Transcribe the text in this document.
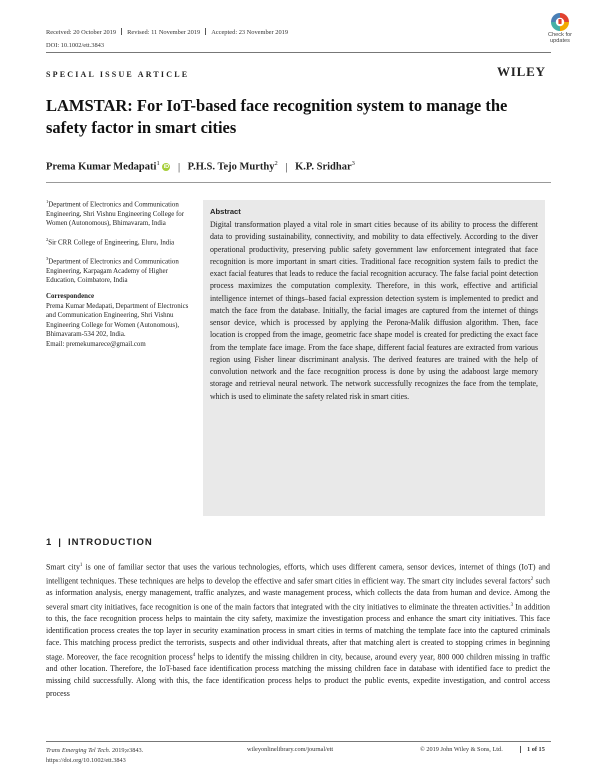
Received: 20 October 2019 Revised: 11 November 2019 Accepted: 23 November 2019
DOI: 10.1002/ett.3843
Check for
updates
SPECIAL ISSUE ARTICLE	WILEY
LAMSTAR: For IoT-based face recognition system to manage the safety factor in smart cities
Prema Kumar Medapati$^1$ iD | P.H.S. Tejo Murthy$^2$ | K.P. Sridhar$^3$
$^1$Department of Electronics and Communication Engineering, Shri Vishnu Engineering College for Women (Autonomous), Bhimavaram, India
$^2$Sir CRR College of Engineering, Eluru, India
$^3$Department of Electronics and Communication Engineering, Karpagam Academy of Higher Education, Coimbatore, India
Correspondence
Prema Kumar Medapati, Department of Electronics and Communication Engineering, Shri Vishnu Engineering College for Women (Autonomous), Bhimavaram-534 202, India.
Email: premekumarece@gmail.com
Abstract
Digital transformation played a vital role in smart cities because of its ability to process the different data to providing sustainability, connectivity, and mobility to data effectively. According to the diver operational productivity, preserving public safety government law enforcement integrated that face recognition is more important in smart cities. Traditional face recognition system fails to predict the exact facial features that leads to reduce the facial recognition accuracy. The false facial point detection process maximizes the computation complexity. Therefore, in this work, effective and artificial intelligence internet of things–based facial expression detection system is implemented to predict and match the face from the database. Initially, the facial images are captured from the internet of things sensor device, which is processed by applying the Perona-Malik diffusion algorithm. Then, face location is cropped from the image, geometric face shape model is created for predicting the exact face from the template face image. From the face shape, different facial features are extracted from various region using Fisher linear discriminant analysis. The derived features are trained with the help of convolution network and the face recognition process is done by using the adaboost large memory storage and retrieval neural network. The network successfully recognizes the face from the template, which is used to eliminate the safety related risk in smart cities.
1 | INTRODUCTION
Smart city$^1$ is one of familiar sector that uses the various technologies, efforts, which uses different camera, sensor devices, internet of things (IoT) and intelligent techniques. These techniques are helps to develop the effective and safer smart cities in efficient way. The smart city includes several factors$^2$ such as information analysis, energy management, traffic analyzes, and waste management process, which collects the data from human and device. Among the several smart city initiatives, face recognition is one of the main factors that integrated with the city initiatives to eliminate the threaten activities.$^3$ In addition to this, the face recognition process helps to maintain the city safety, maximize the investigation process and enhance the smart city initiatives. This face identification process creates the top layer in security examination process in smart cities in terms of matching the template face into the captured criminals face. This matching process predict the terrorists, suspects and other individual threats, after that matching alert is created to stopping crimes in beginning stage. Moreover, the face recognition process$^4$ helps to identify the missing children in city, because, around every year, 800 000 children missing in traffic and other location. Therefore, the IoT-based face identification process matching the missing children face in database with identified face to predict the missing child successfully. Along with this, the face identification process helps to product the public events, expedite investigation, and control access process
Trans Emerging Tel Tech. 2019;e3843.
https://doi.org/10.1002/ett.3843
wileyonlinelibrary.com/journal/ett	© 2019 John Wiley & Sons, Ltd.	1 of 15
